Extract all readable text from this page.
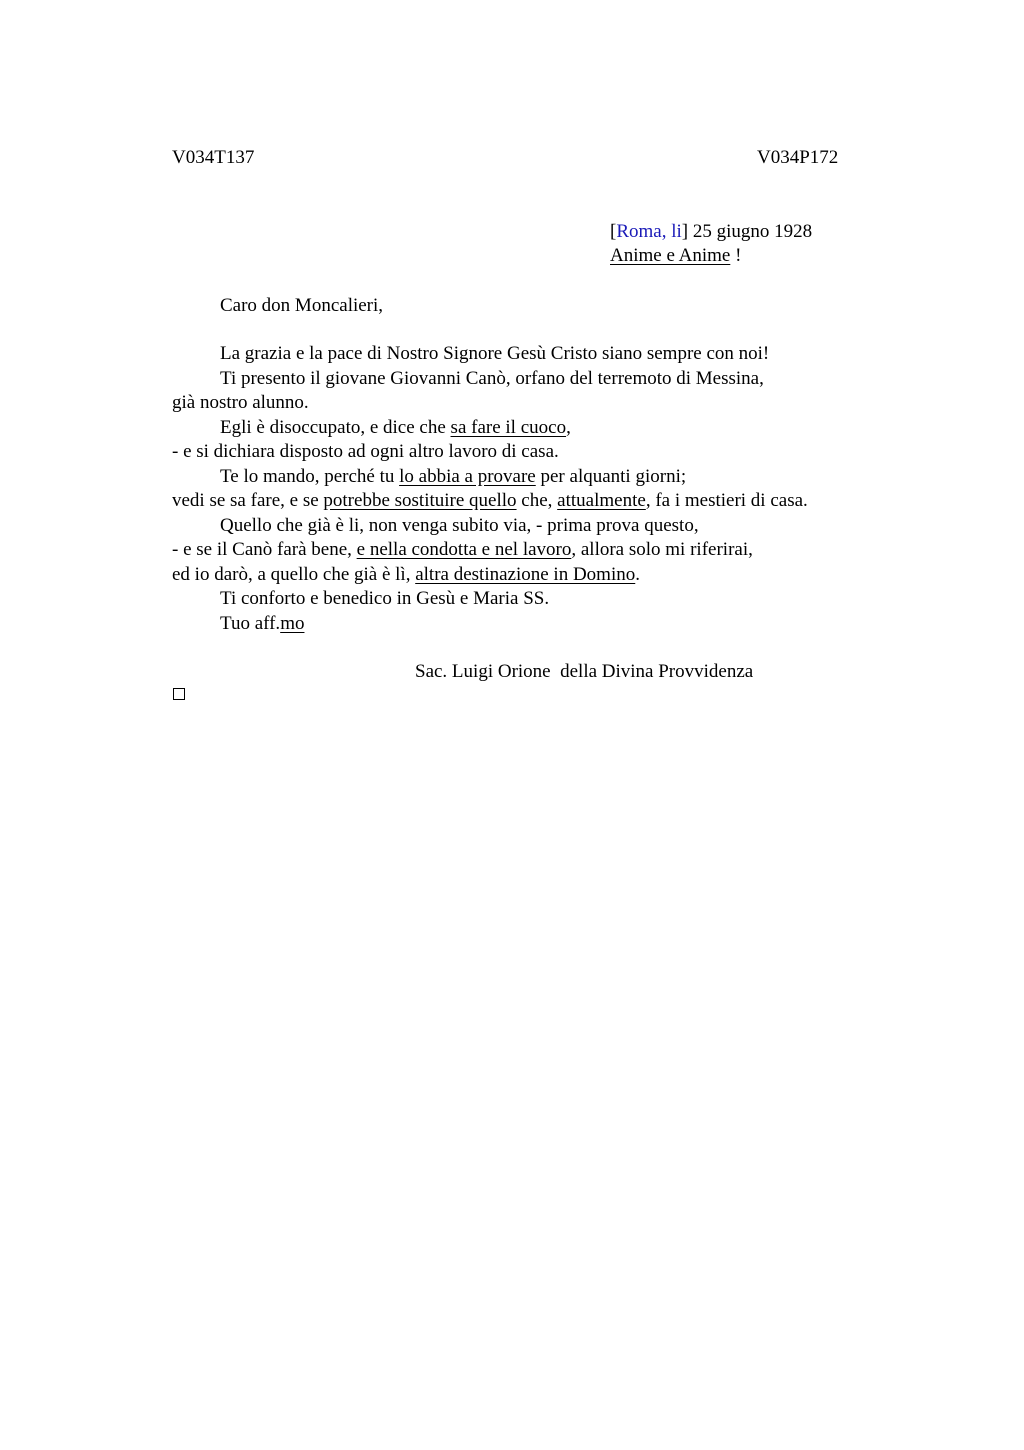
V034T137	V034P172
[Roma, li] 25 giugno 1928
Anime e Anime !
Caro don Moncalieri,
La grazia e la pace di Nostro Signore Gesù Cristo siano sempre con noi!
Ti presento il giovane Giovanni Canò, orfano del terremoto di Messina,
già nostro alunno.
Egli è disoccupato, e dice che sa fare il cuoco,
- e si dichiara disposto ad ogni altro lavoro di casa.
Te lo mando, perché tu lo abbia a provare per alquanti giorni;
vedi se sa fare, e se potrebbe sostituire quello che, attualmente, fa i mestieri di casa.
Quello che già è li, non venga subito via, - prima prova questo,
- e se il Canò farà bene, e nella condotta e nel lavoro, allora solo mi riferirai,
ed io darò, a quello che già è lì, altra destinazione in Domino.
Ti conforto e benedico in Gesù e Maria SS.
Tuo aff.mo
Sac. Luigi Orione  della Divina Provvidenza
